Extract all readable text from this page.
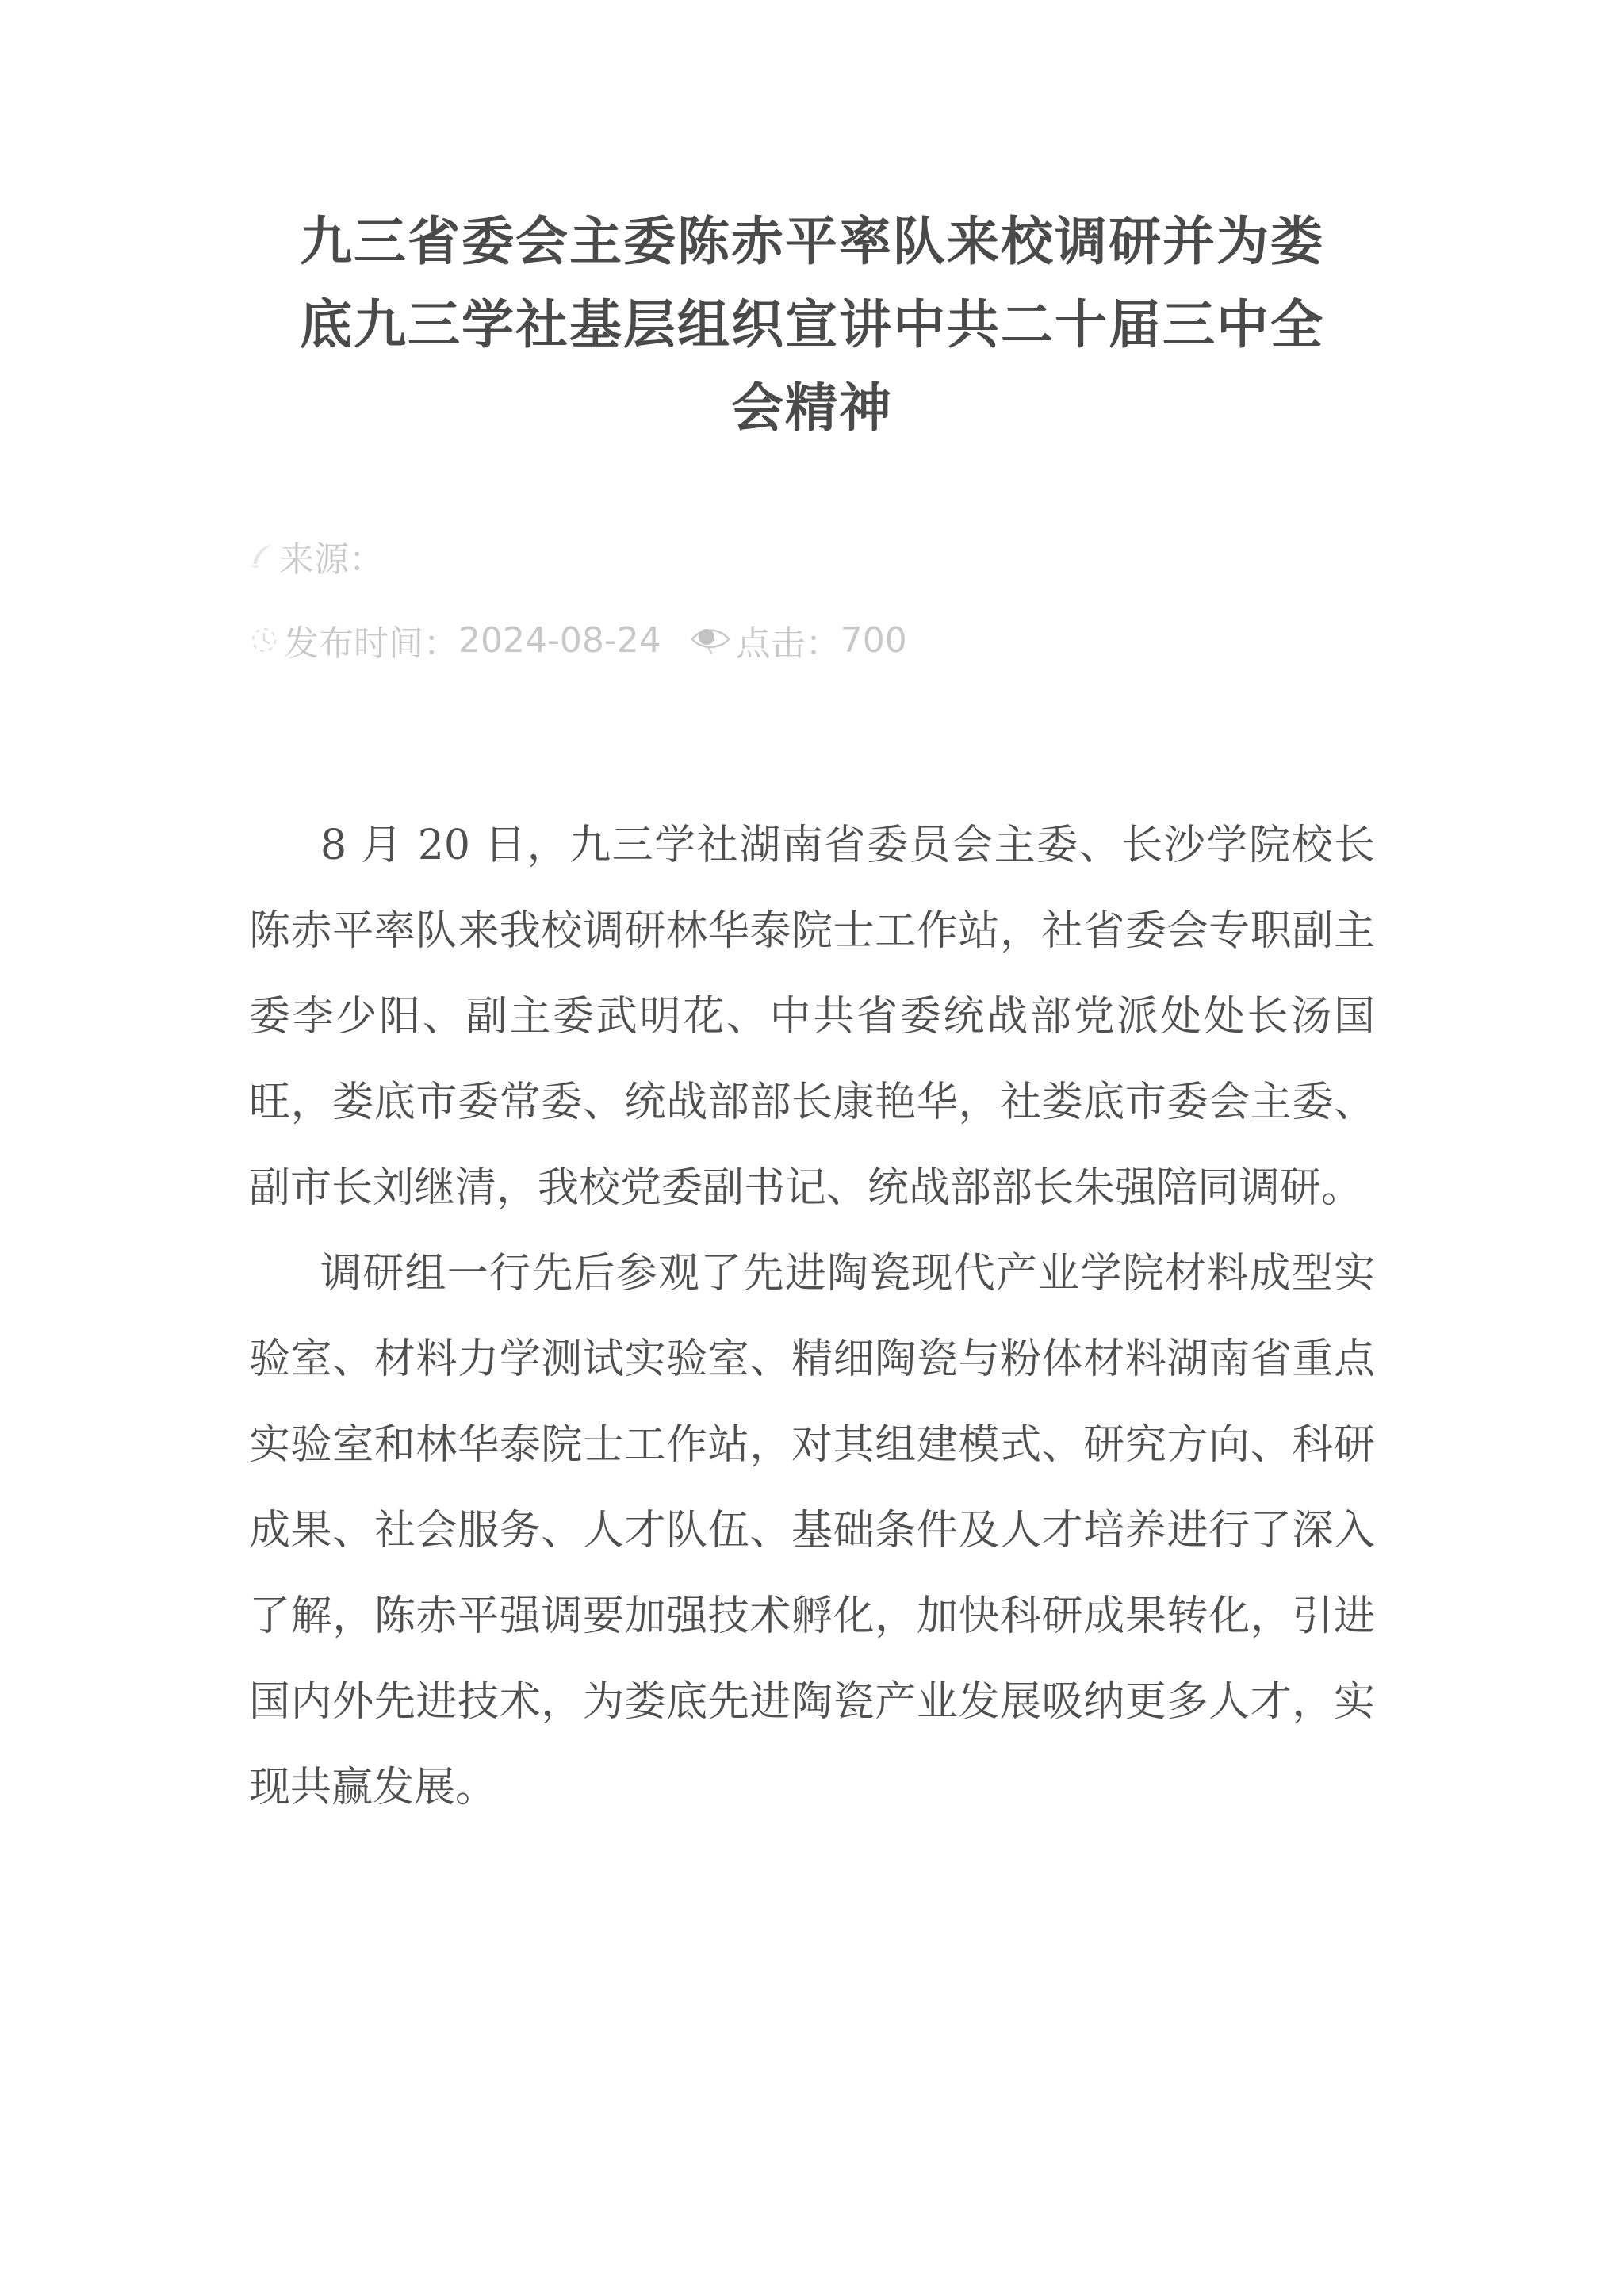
九三省委会主委陈赤平率队来校调研并为娄
底九三学社基层组织宣讲中共二十届三中全
会精神
来源：
发布时间： 2024-08-24 点击： 700

8 月 20 日，九三学社湖南省委员会主委、长沙学院校长陈赤平率队来我校调研林华泰院士工作站，社省委会专职副主委李少阳、副主委武明花、中共省委统战部党派处处长汤国旺，娄底市委常委、统战部部长康艳华，社娄底市委会主委、副市长刘继清，我校党委副书记、统战部部长朱强陪同调研。

调研组一行先后参观了先进陶瓷现代产业学院材料成型实验室、材料力学测试实验室、精细陶瓷与粉体材料湖南省重点实验室和林华泰院士工作站，对其组建模式、研究方向、科研成果、社会服务、人才队伍、基础条件及人才培养进行了深入了解，陈赤平强调要加强技术孵化，加快科研成果转化，引进国内外先进技术，为娄底先进陶瓷产业发展吸纳更多人才，实现共赢发展。
